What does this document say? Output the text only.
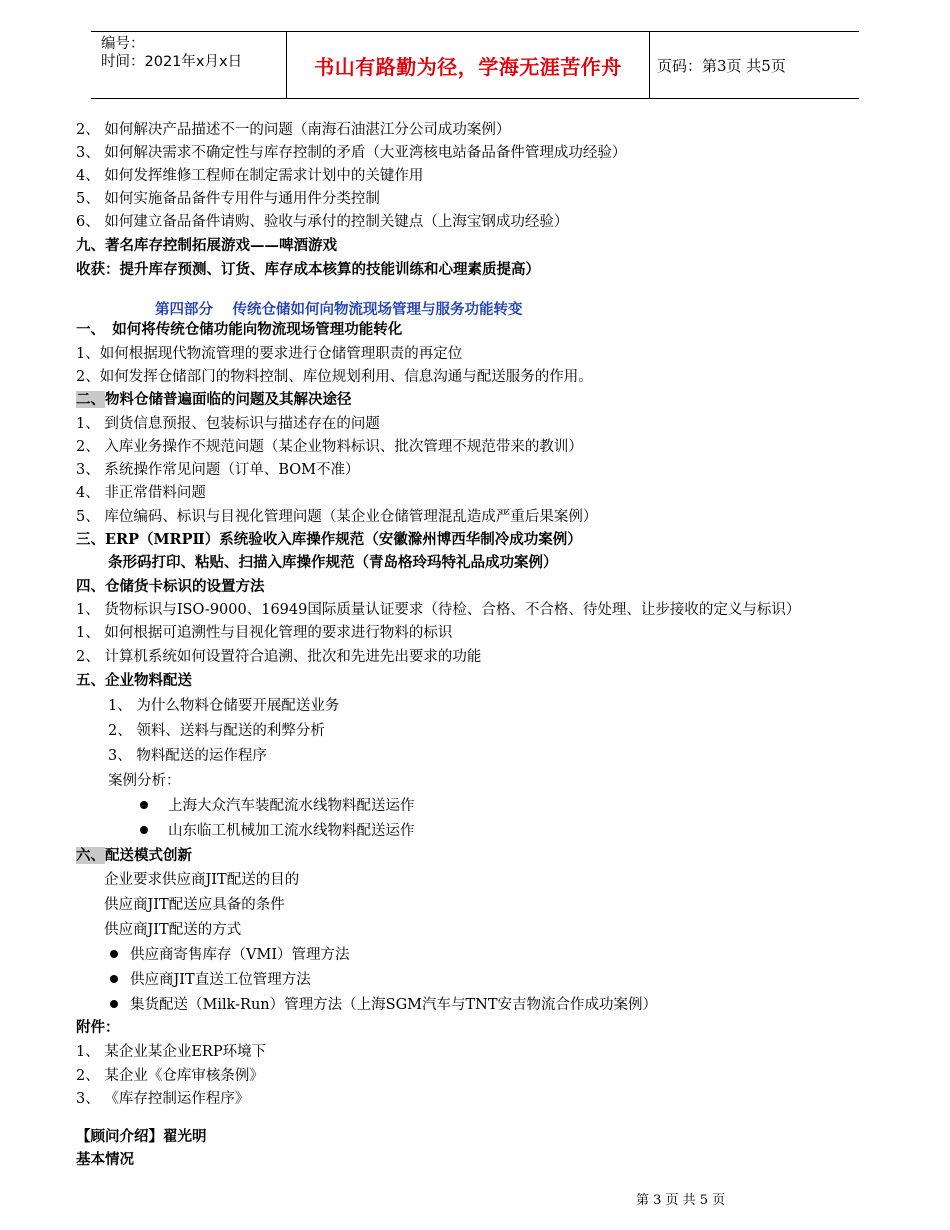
编号：
时间：2021年x月x日	书山有路勤为径，学海无涯苦作舟	页码：第3页 共5页
2、 如何解决产品描述不一的问题（南海石油湛江分公司成功案例）
3、 如何解决需求不确定性与库存控制的矛盾（大亚湾核电站备品备件管理成功经验）
4、 如何发挥维修工程师在制定需求计划中的关键作用
5、 如何实施备品备件专用件与通用件分类控制
6、 如何建立备品备件请购、验收与承付的控制关键点（上海宝钢成功经验）
九、著名库存控制拓展游戏——啤酒游戏
收获：提升库存预测、订货、库存成本核算的技能训练和心理素质提高）
第四部分　 传统仓储如何向物流现场管理与服务功能转变
一、　如何将传统仓储功能向物流现场管理功能转化
1、如何根据现代物流管理的要求进行仓储管理职责的再定位
2、如何发挥仓储部门的物料控制、库位规划利用、信息沟通与配送服务的作用。
二、物料仓储普遍面临的问题及其解决途径
1、 到货信息预报、包装标识与描述存在的问题
2、 入库业务操作不规范问题（某企业物料标识、批次管理不规范带来的教训）
3、 系统操作常见问题（订单、BOM不准）
4、 非正常借料问题
5、 库位编码、标识与目视化管理问题（某企业仓储管理混乱造成严重后果案例）
三、ERP（MRPⅡ）系统验收入库操作规范（安徽滁州博西华制冷成功案例）
条形码打印、粘贴、扫描入库操作规范（青岛格玲玛特礼品成功案例）
四、仓储货卡标识的设置方法
1、 货物标识与ISO-9000、16949国际质量认证要求（待检、合格、不合格、待处理、让步接收的定义与标识）
1、 如何根据可追溯性与目视化管理的要求进行物料的标识
2、 计算机系统如何设置符合追溯、批次和先进先出要求的功能
五、企业物料配送
1、 为什么物料仓储要开展配送业务
2、 领料、送料与配送的利弊分析
3、 物料配送的运作程序
案例分析：
上海大众汽车装配流水线物料配送运作
山东临工机械加工流水线物料配送运作
六、配送模式创新
企业要求供应商JIT配送的目的
供应商JIT配送应具备的条件
供应商JIT配送的方式
供应商寄售库存（VMI）管理方法
供应商JIT直送工位管理方法
集货配送（Milk-Run）管理方法（上海SGM汽车与TNT安吉物流合作成功案例）
附件：
1、 某企业某企业ERP环境下
2、 某企业《仓库审核条例》
3、 《库存控制运作程序》
【顾问介绍】翟光明
基本情况
第 3 页 共 5 页
